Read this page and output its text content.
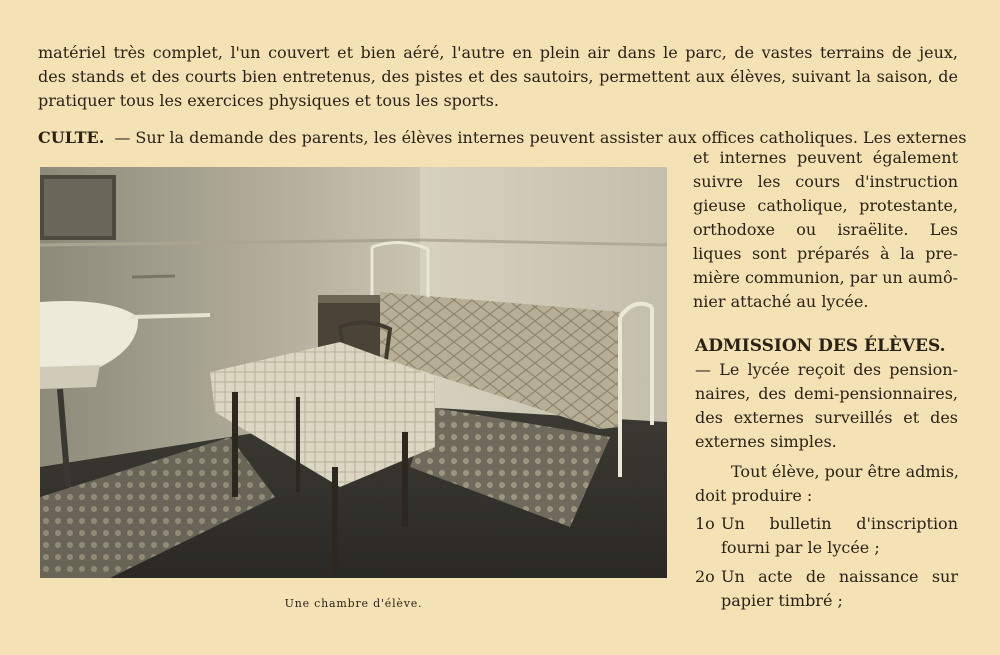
matériel très complet, l'un couvert et bien aéré, l'autre en plein air dans le parc, de vastes terrains de jeux,
des stands et des courts bien entretenus, des pistes et des sautoirs, permettent aux élèves, suivant la saison, de
pratiquer tous les exercices physiques et tous les sports.
CULTE. — Sur la demande des parents, les élèves internes peuvent assister aux offices catholiques. Les externes
et internes peuvent également
suivre les cours d'instruction
gieuse catholique, protestante,
orthodoxe ou israëlite. Les
liques sont préparés à la pre-
mière communion, par un aumô-
nier attaché au lycée.
ADMISSION DES ÉLÈVES.
— Le lycée reçoit des pension-
naires, des demi-pensionnaires,
des externes surveillés et des
externes simples.
Tout élève, pour être admis,
doit produire :
1o Un bulletin d'inscription
fourni par le lycée ;
2o Un acte de naissance sur
papier timbré ;
Une chambre d'élève.
